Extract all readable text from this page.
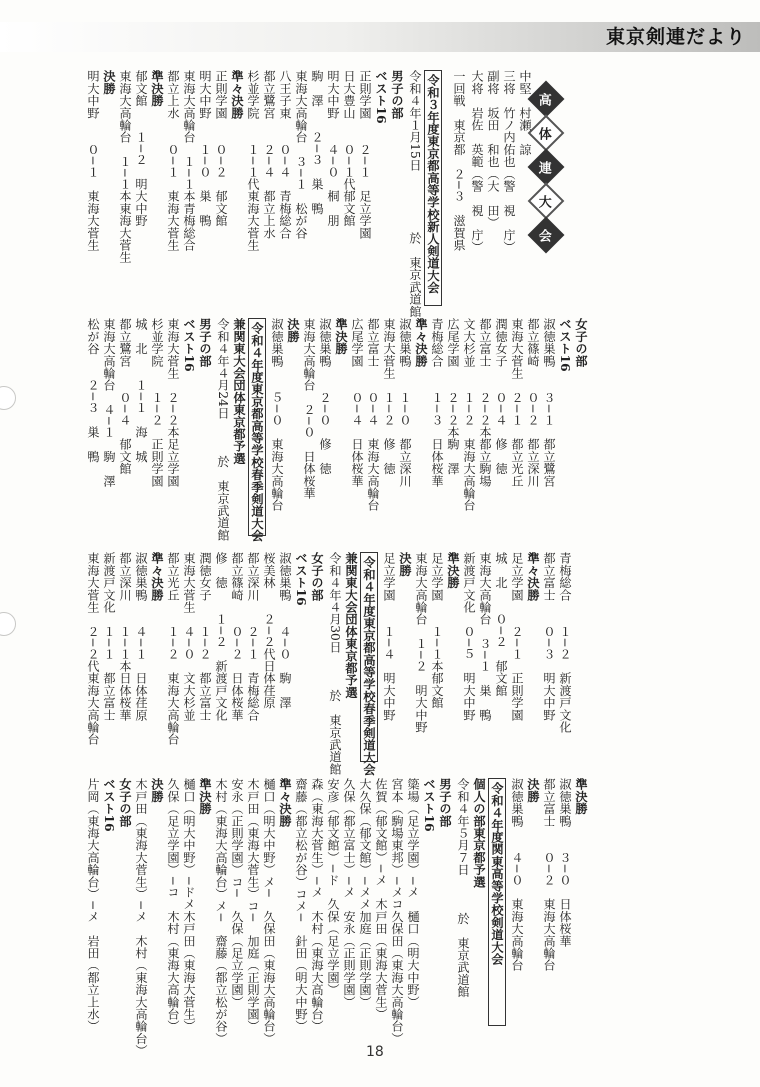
東京剣連だより
高
体
連
大
会
中堅　村瀬　諒
三将　竹ノ内佑也（警　視　庁）
副将　坂田　和也（大　田）
大将　岩佐　英範（警　視　庁）
一回戦　東京都　２−３　滋賀県
令和３年度東京都高等学校新人剣道大会
令和４年１月15日　　　　　於　東京武道館
男子の部
ベスト16
正則学園　　２−１　足立学園
日大豊山　　０−１代郁文館
明大中野　　４−０　桐　朋
駒　澤　　２−３　巣　鴨
東海大高輪台　３−１　松が谷
八王子東　　０−４　青梅総合
都立鷺宮　　２−４　都立上水
杉並学院　　１−１代東海大菅生
準々決勝
正則学園　　０−２　郁文館
明大中野　　１−０　巣　鴨
東海大高輪台　１−１本青梅総合
都立上水　　０−１　東海大菅生
準決勝
郁文館　　１−２　明大中野
東海大高輪台　１−１本東海大菅生
決勝
明大中野　　０−１　東海大菅生
女子の部
ベスト16
淑徳巣鴨　　３−１　都立鷺宮
都立篠崎　　０−２　都立深川
東海大菅生　２−１　都立光丘
潤徳女子　　０−４　修　徳
都立富士　　２−２本都立駒場
文大杉並　　１−２　東海大高輪台
広尾学園　　２−２本駒　澤
青梅総合　　１−３　日体桜華
準々決勝
淑徳巣鴨　　１−０　都立深川
東海大菅生　１−２　修　徳
都立富士　　０−４　東海大高輪台
広尾学園　　０−４　日体桜華
準決勝
淑徳巣鴨　　２−０　修　徳
東海大高輪台　２−０　日体桜華
決勝
淑徳巣鴨　　５−０　東海大高輪台
令和４年度東京都高等学校春季剣道大会
兼関東大会団体東京都予選
令和４年４月24日　　　於　東京武道館
男子の部
ベスト16
東海大菅生　２−２本足立学園
杉並学院　　１−２　正則学園
城　北　　１−１　海　城
都立鷺宮　　０−４　郁文館
東海大高輪台　４−１　駒　澤
松が谷　　２−３　巣　鴨
青梅総合　　１−２　新渡戸文化
都立富士　　０−３　明大中野
準々決勝
足立学園　　２−１　正則学園
城　北　　０−２　郁文館
東海大高輪台　３−１　巣　鴨
新渡戸文化　０−５　明大中野
準決勝
足立学園　　１−１本郁文館
東海大高輪台　１−２　明大中野
決勝
足立学園　　１−４　明大中野
令和４年度東京都高等学校春季剣道大会
兼関東大会団体東京都予選
令和４年４月30日　　　於　東京武道館
女子の部
ベスト16
淑徳巣鴨　　４−０　駒　澤
桜美林　　２−２代日体荏原
都立深川　　２−１　青梅総合
都立篠崎　　０−２　日体桜華
修　徳　　１−２　新渡戸文化
潤徳女子　　１−２　都立富士
東海大菅生　４−０　文大杉並
都立光丘　　１−２　東海大高輪台
準々決勝
淑徳巣鴨　　４−１　日体荏原
都立深川　　１−１本日体桜華
新渡戸文化　１−１　都立富士
東海大菅生　２−２代東海大高輪台
準決勝
淑徳巣鴨　　３−０　日体桜華
都立富士　　０−２　東海大高輪台
決勝
淑徳巣鴨　　４−０　東海大高輪台
令和４年度関東高等学校剣道大会
個人の部東京都予選
令和４年５月７日　　　於　東京武道館
男子の部
ベスト16
簗場（足立学園）−メ　樋口（明大中野）
宮本（駒場東邦）−メコ久保田（東海大高輪台）
佐賀（郁文館）−メ　木戸田（東海大菅生）
大久保（郁文館）−メメ加庭（正則学園）
久保（都立富士）−メ　安永（正則学園）
安彦（郁文館）−ド　久保（足立学園）
森（東海大菅生）−メ　木村（東海大高輪台）
齋藤（都立松が谷）コメ−　針田（明大中野）
準々決勝
樋口（明大中野）メ−　久保田（東海大高輪台）
木戸田（東海大菅生）コ−　加庭（正則学園）
安永（正則学園）コ−　久保（足立学園）
木村（東海大高輪台）メ−　齋藤（都立松が谷）
準決勝
樋口（明大中野）−ドメ木戸田（東海大菅生）
久保（足立学園）−コ　木村（東海大高輪台）
決勝
木戸田（東海大菅生）−メ　木村（東海大高輪台）
女子の部
ベスト16
片岡（東海大高輪台）−メ　岩田（都立上水）
18
